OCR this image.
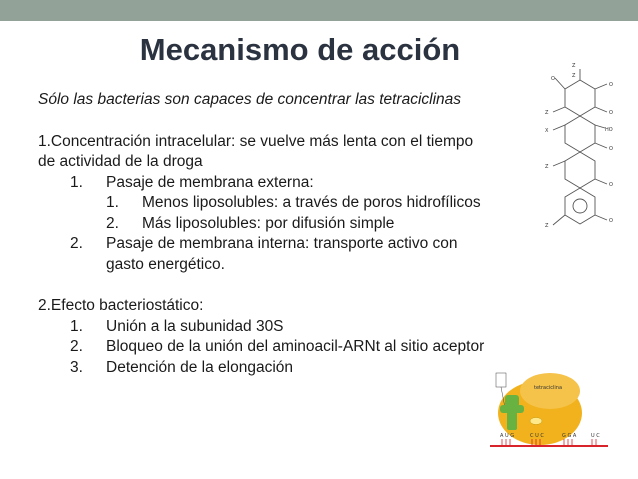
Mecanismo de acción
Sólo las bacterias son capaces de concentrar las tetraciclinas
1.Concentración intracelular: se vuelve más lenta con el tiempo de actividad de la droga
1.	Pasaje de membrana externa:
1.	Menos liposolubles: a través de poros hidrofílicos
2.	Más liposolubles: por difusión simple
2.	Pasaje de membrana interna: transporte activo con gasto energético.
2.Efecto bacteriostático:
1.	Unión a la subunidad 30S
2.	Bloqueo de la unión del aminoacil-ARNt al sitio aceptor
3.	Detención de la elongación
Z
O
O
O
O
O
O
Z
X
Z
HO
Z
Z
tetraciclina
A U G	C U C	G G A	U C
